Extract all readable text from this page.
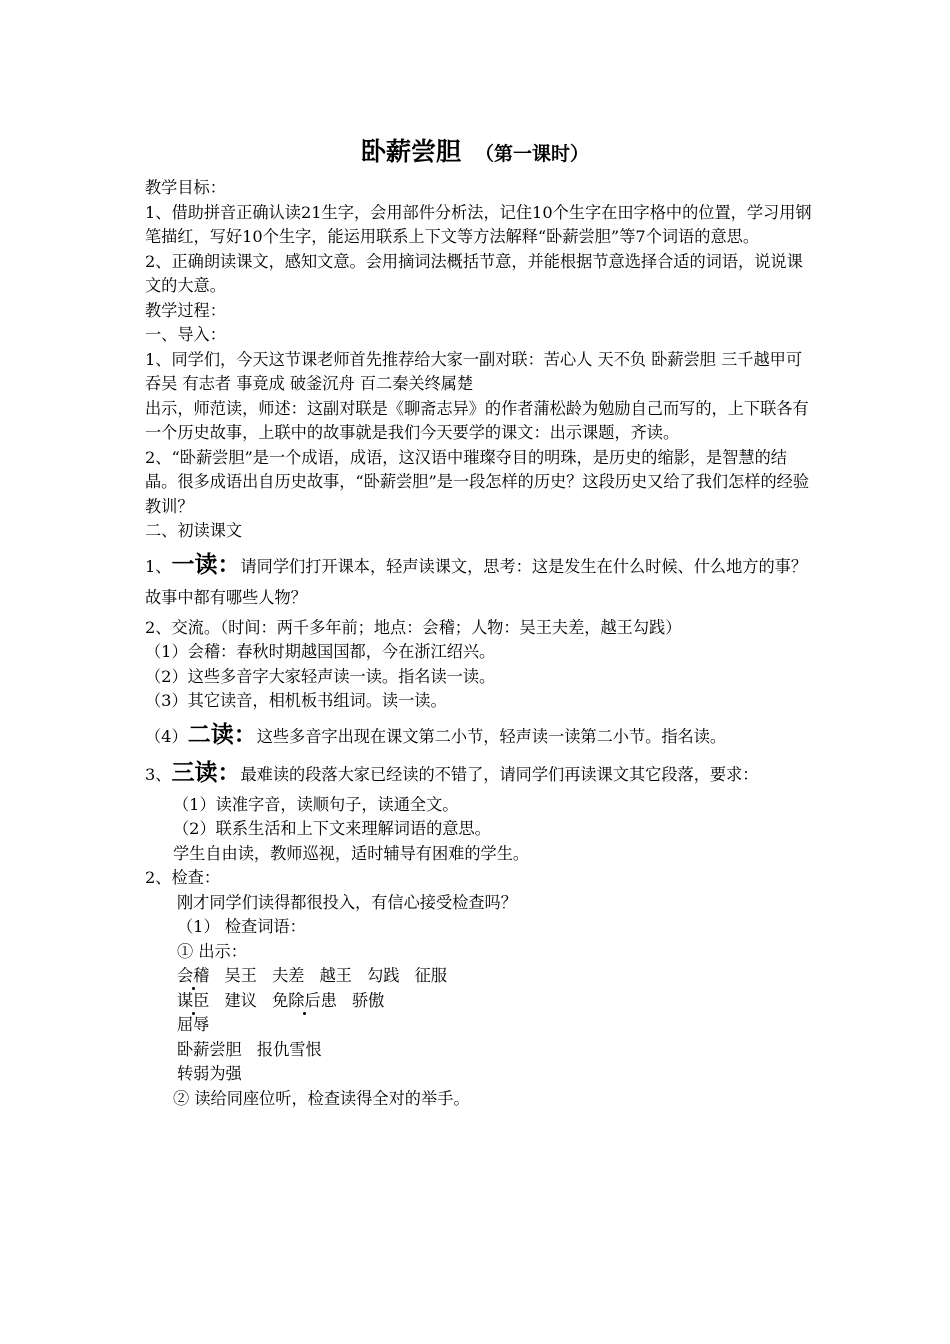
卧薪尝胆 （第一课时）

教学目标：

1、借助拼音正确认读21生字，会用部件分析法，记住10个生字在田字格中的位置，学习用钢笔描红，写好10个生字，能运用联系上下文等方法解释“卧薪尝胆”等7个词语的意思。

2、正确朗读课文，感知文意。会用摘词法概括节意，并能根据节意选择合适的词语，说说课文的大意。

教学过程：

一、导入：

1、同学们，今天这节课老师首先推荐给大家一副对联：苦心人 天不负 卧薪尝胆 三千越甲可吞吴 有志者 事竟成 破釜沉舟 百二秦关终属楚

出示，师范读，师述：这副对联是《聊斋志异》的作者蒲松龄为勉励自己而写的，上下联各有一个历史故事，上联中的故事就是我们今天要学的课文：出示课题，齐读。

2、“卧薪尝胆”是一个成语，成语，这汉语中璀璨夺目的明珠，是历史的缩影，是智慧的结晶。很多成语出自历史故事，“卧薪尝胆”是一段怎样的历史？这段历史又给了我们怎样的经验教训？

二、初读课文

1、一读：请同学们打开课本，轻声读课文，思考：这是发生在什么时候、什么地方的事？故事中都有哪些人物？

2、交流。（时间：两千多年前；地点：会稽；人物：吴王夫差，越王勾践）

（1）会稽：春秋时期越国国都，今在浙江绍兴。

（2）这些多音字大家轻声读一读。指名读一读。

（3）其它读音，相机板书组词。读一读。

（4）二读：这些多音字出现在课文第二小节，轻声读一读第二小节。指名读。

3、三读：最难读的段落大家已经读的不错了，请同学们再读课文其它段落，要求：

（1）读准字音，读顺句子，读通全文。

（2）联系生活和上下文来理解词语的意思。

学生自由读，教师巡视，适时辅导有困难的学生。

2、检查：

刚才同学们读得都很投入，有信心接受检查吗？

（1） 检查词语：

① 出示：

会稽 吴王 夫差 越王 勾践 征服

谋臣 建议 免除后患 骄傲

屈辱

卧薪尝胆 报仇雪恨

转弱为强

② 读给同座位听，检查读得全对的举手。
